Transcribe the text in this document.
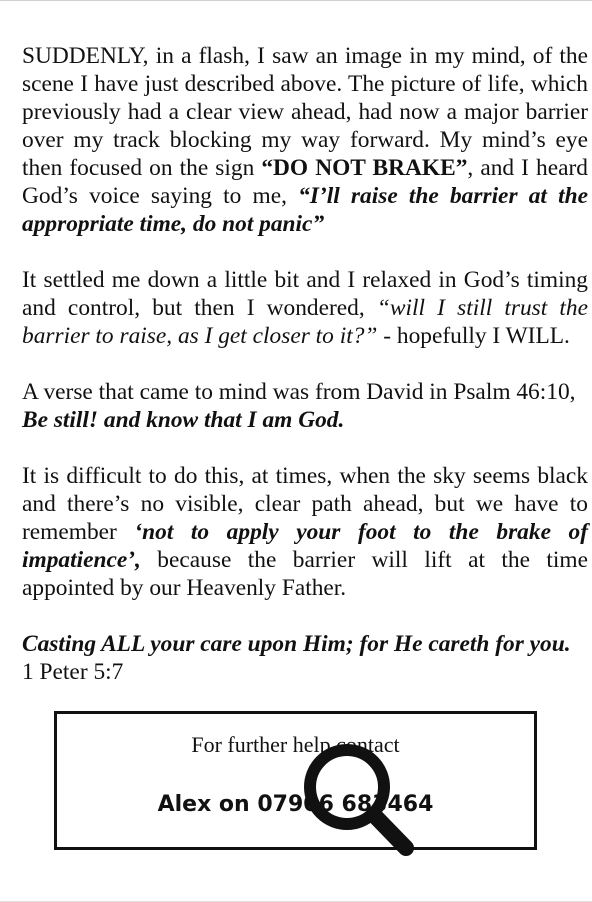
SUDDENLY, in a flash, I saw an image in my mind, of the scene I have just described above. The picture of life, which previously had a clear view ahead, had now a major barrier over my track blocking my way forward. My mind’s eye then focused on the sign “DO NOT BRAKE”, and I heard God’s voice saying to me, “I’ll raise the barrier at the appropriate time, do not panic”

It settled me down a little bit and I relaxed in God’s timing and control, but then I wondered, “will I still trust the barrier to raise, as I get closer to it?” - hopefully I WILL.

A verse that came to mind was from David in Psalm 46:10,
Be still! and know that I am God.

It is difficult to do this, at times, when the sky seems black and there’s no visible, clear path ahead, but we have to remember ‘not to apply your foot to the brake of impatience’, because the barrier will lift at the time appointed by our Heavenly Father.

Casting ALL your care upon Him; for He careth for you.
1 Peter 5:7

For further help contact
Alex on 07906 683464
